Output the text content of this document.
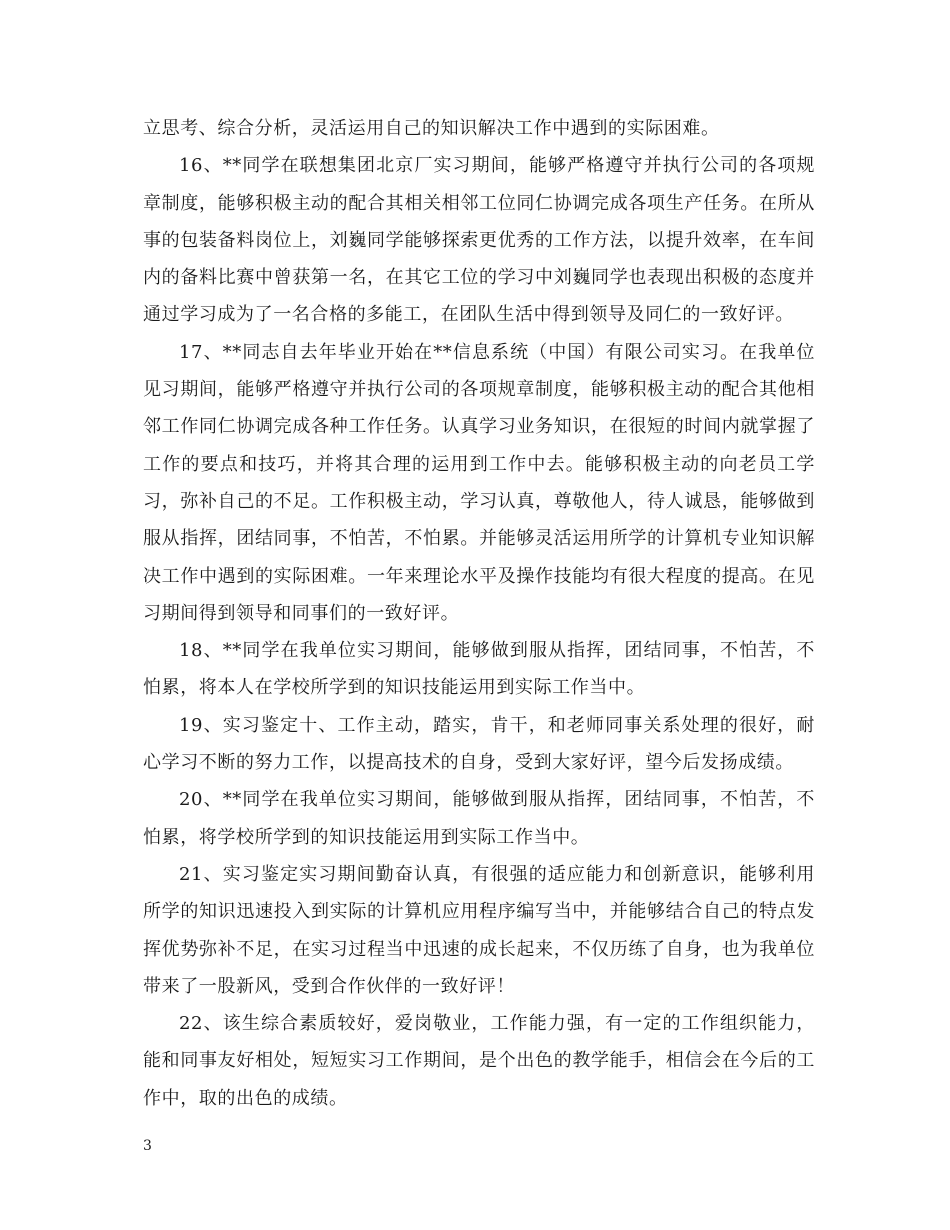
立思考、综合分析，灵活运用自己的知识解决工作中遇到的实际困难。

16、**同学在联想集团北京厂实习期间，能够严格遵守并执行公司的各项规章制度，能够积极主动的配合其相关相邻工位同仁协调完成各项生产任务。在所从事的包装备料岗位上，刘巍同学能够探索更优秀的工作方法，以提升效率，在车间内的备料比赛中曾获第一名，在其它工位的学习中刘巍同学也表现出积极的态度并通过学习成为了一名合格的多能工，在团队生活中得到领导及同仁的一致好评。

17、**同志自去年毕业开始在**信息系统（中国）有限公司实习。在我单位见习期间，能够严格遵守并执行公司的各项规章制度，能够积极主动的配合其他相邻工作同仁协调完成各种工作任务。认真学习业务知识，在很短的时间内就掌握了工作的要点和技巧，并将其合理的运用到工作中去。能够积极主动的向老员工学习，弥补自己的不足。工作积极主动，学习认真，尊敬他人，待人诚恳，能够做到服从指挥，团结同事，不怕苦，不怕累。并能够灵活运用所学的计算机专业知识解决工作中遇到的实际困难。一年来理论水平及操作技能均有很大程度的提高。在见习期间得到领导和同事们的一致好评。

18、**同学在我单位实习期间，能够做到服从指挥，团结同事，不怕苦，不怕累，将本人在学校所学到的知识技能运用到实际工作当中。

19、实习鉴定十、工作主动，踏实，肯干，和老师同事关系处理的很好，耐心学习不断的努力工作，以提高技术的自身，受到大家好评，望今后发扬成绩。

20、**同学在我单位实习期间，能够做到服从指挥，团结同事，不怕苦，不怕累，将学校所学到的知识技能运用到实际工作当中。

21、实习鉴定实习期间勤奋认真，有很强的适应能力和创新意识，能够利用所学的知识迅速投入到实际的计算机应用程序编写当中，并能够结合自己的特点发挥优势弥补不足，在实习过程当中迅速的成长起来，不仅历练了自身，也为我单位带来了一股新风，受到合作伙伴的一致好评！

22、该生综合素质较好，爱岗敬业，工作能力强，有一定的工作组织能力，能和同事友好相处，短短实习工作期间，是个出色的教学能手，相信会在今后的工作中，取的出色的成绩。

3
